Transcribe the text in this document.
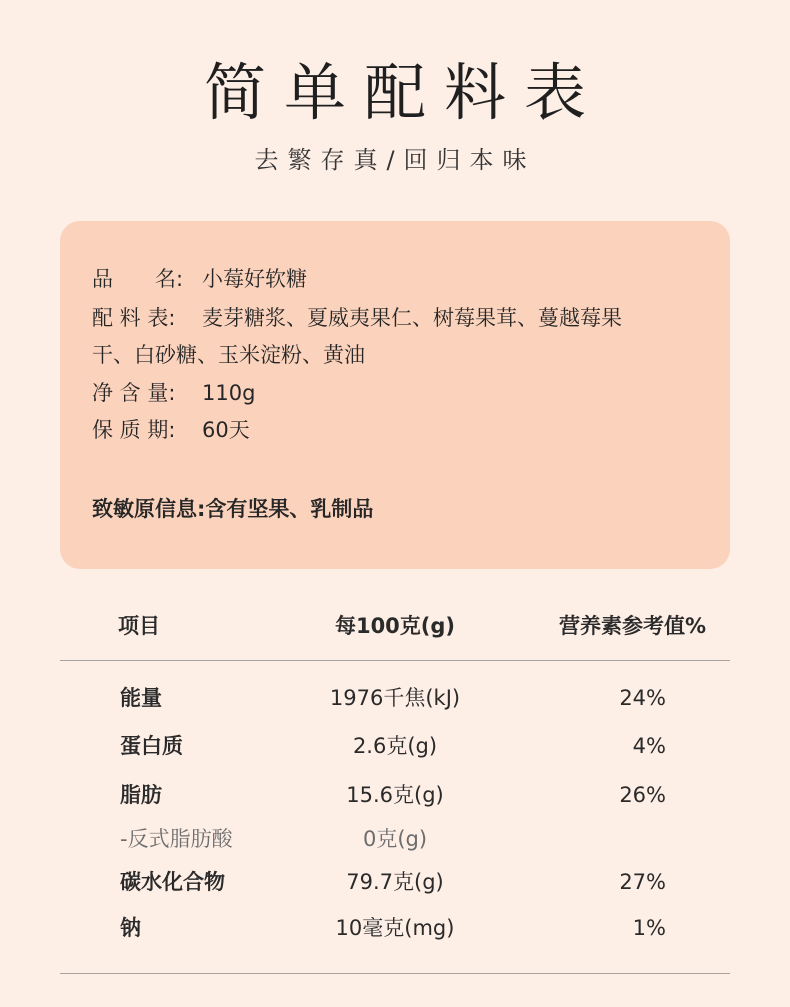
简单配料表
去繁存真/回归本味
品　　名: 小莓好软糖
配 料 表: 麦芽糖浆、夏威夷果仁、树莓果茸、蔓越莓果
干、白砂糖、玉米淀粉、黄油
净 含 量: 110g
保 质 期: 60天
致敏原信息:含有坚果、乳制品
项目	每100克(g)	营养素参考值%
能量	1976千焦(kJ)	24%
蛋白质	2.6克(g)	4%
脂肪	15.6克(g)	26%
-反式脂肪酸	0克(g)
碳水化合物	79.7克(g)	27%
钠	10毫克(mg)	1%
